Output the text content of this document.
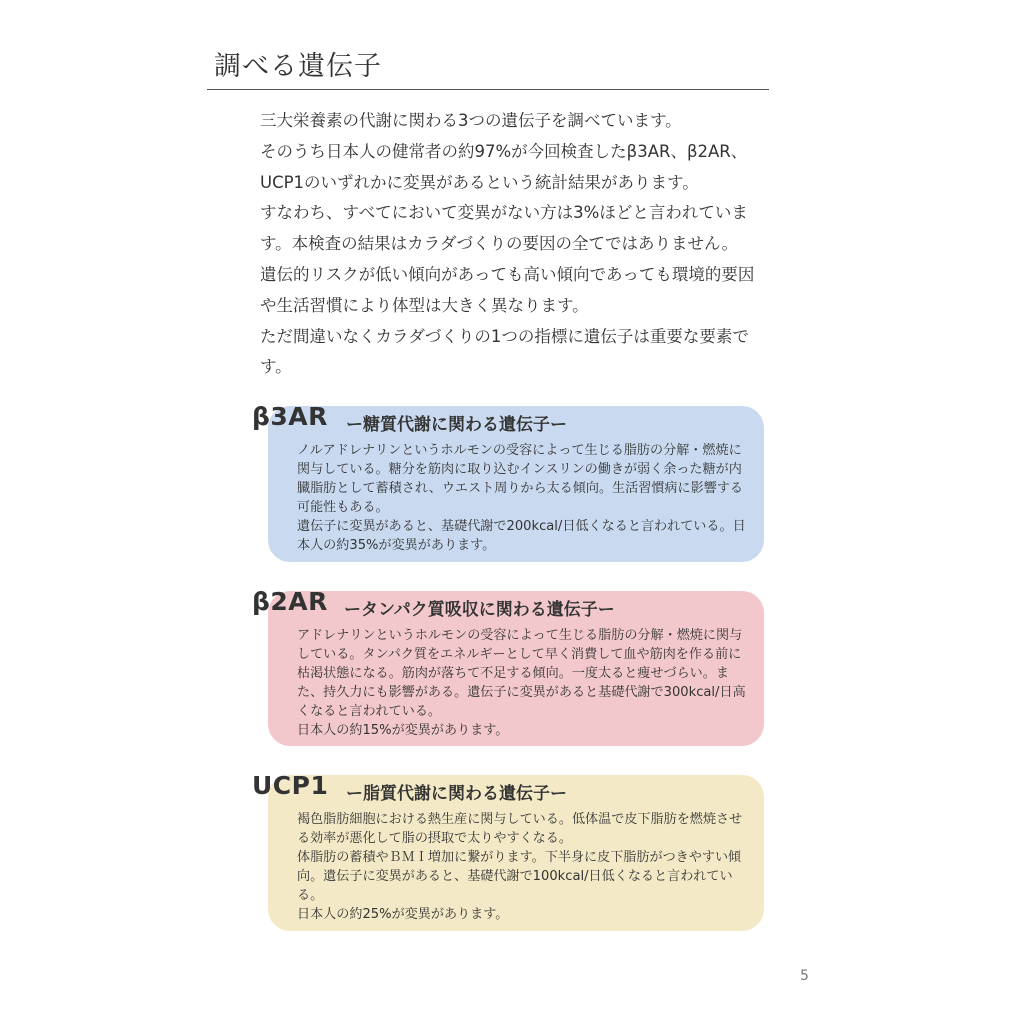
調べる遺伝子

三大栄養素の代謝に関わる3つの遺伝子を調べています。

そのうち日本人の健常者の約97%が今回検査したβ3AR、β2AR、UCP1のいずれかに変異があるという統計結果があります。

すなわち、すべてにおいて変異がない方は3%ほどと言われています。本検査の結果はカラダづくりの要因の全てではありません。

遺伝的リスクが低い傾向があっても高い傾向であっても環境的要因や生活習慣により体型は大きく異なります。

ただ間違いなくカラダづくりの1つの指標に遺伝子は重要な要素です。

ノルアドレナリンというホルモンの受容によって生じる脂肪の分解・燃焼に関与している。糖分を筋肉に取り込むインスリンの働きが弱く余った糖が内臓脂肪として蓄積され、ウエスト周りから太る傾向。生活習慣病に影響する可能性もある。

遺伝子に変異があると、基礎代謝で200kcal/日低くなると言われている。日本人の約35%が変異があります。

β3AR ー糖質代謝に関わる遺伝子ー

アドレナリンというホルモンの受容によって生じる脂肪の分解・燃焼に関与している。タンパク質をエネルギーとして早く消費して血や筋肉を作る前に枯渇状態になる。筋肉が落ちて不足する傾向。一度太ると痩せづらい。また、持久力にも影響がある。遺伝子に変異があると基礎代謝で300kcal/日高くなると言われている。

日本人の約15%が変異があります。

β2AR ータンパク質吸収に関わる遺伝子ー

褐色脂肪細胞における熱生産に関与している。低体温で皮下脂肪を燃焼させる効率が悪化して脂の摂取で太りやすくなる。

体脂肪の蓄積やＢＭＩ増加に繋がります。下半身に皮下脂肪がつきやすい傾向。遺伝子に変異があると、基礎代謝で100kcal/日低くなると言われている。

日本人の約25%が変異があります。

UCP1 ー脂質代謝に関わる遺伝子ー
5
